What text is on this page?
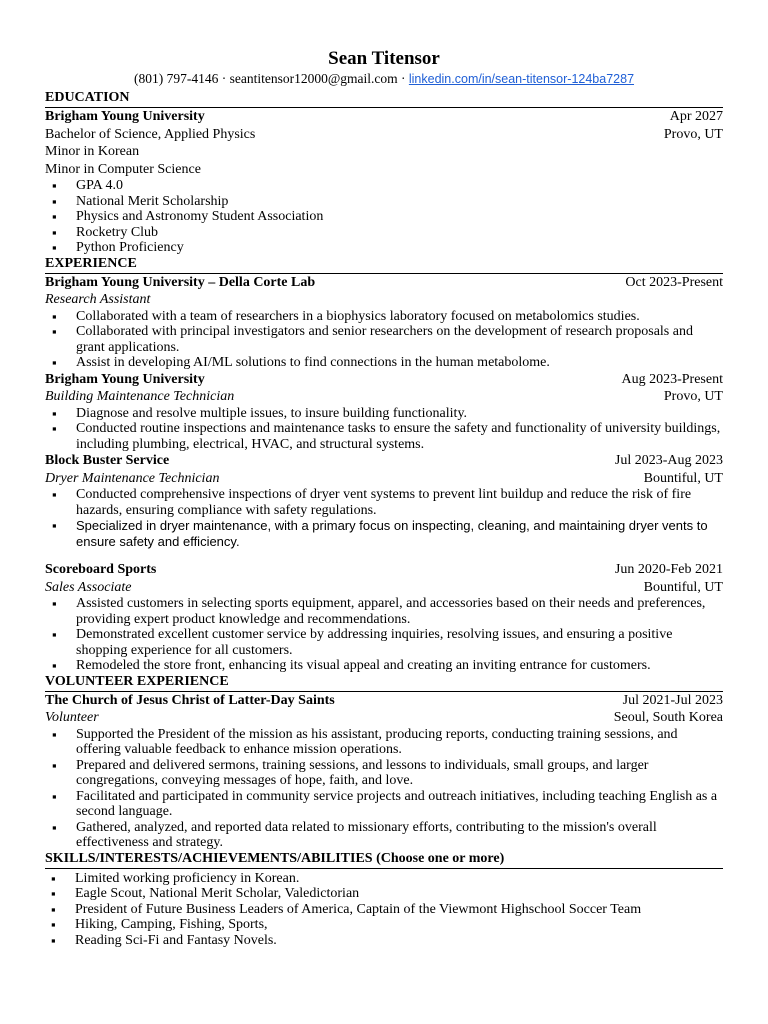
Sean Titensor
(801) 797-4146 · seantitensor12000@gmail.com · linkedin.com/in/sean-titensor-124ba7287
EDUCATION
Brigham Young University	Apr 2027
Bachelor of Science, Applied Physics	Provo, UT
Minor in Korean
Minor in Computer Science
▪ GPA 4.0
▪ National Merit Scholarship
▪ Physics and Astronomy Student Association
▪ Rocketry Club
▪ Python Proficiency
EXPERIENCE
Brigham Young University – Della Corte Lab	Oct 2023-Present
Research Assistant
▪ Collaborated with a team of researchers in a biophysics laboratory focused on metabolomics studies.
▪ Collaborated with principal investigators and senior researchers on the development of research proposals and grant applications.
▪ Assist in developing AI/ML solutions to find connections in the human metabolome.
Brigham Young University	Aug 2023-Present
Building Maintenance Technician	Provo, UT
▪ Diagnose and resolve multiple issues, to insure building functionality.
▪ Conducted routine inspections and maintenance tasks to ensure the safety and functionality of university buildings, including plumbing, electrical, HVAC, and structural systems.
Block Buster Service	Jul 2023-Aug 2023
Dryer Maintenance Technician	Bountiful, UT
▪ Conducted comprehensive inspections of dryer vent systems to prevent lint buildup and reduce the risk of fire hazards, ensuring compliance with safety regulations.
▪ Specialized in dryer maintenance, with a primary focus on inspecting, cleaning, and maintaining dryer vents to ensure safety and efficiency.
Scoreboard Sports	Jun 2020-Feb 2021
Sales Associate	Bountiful, UT
▪ Assisted customers in selecting sports equipment, apparel, and accessories based on their needs and preferences, providing expert product knowledge and recommendations.
▪ Demonstrated excellent customer service by addressing inquiries, resolving issues, and ensuring a positive shopping experience for all customers.
▪ Remodeled the store front, enhancing its visual appeal and creating an inviting entrance for customers.
VOLUNTEER EXPERIENCE
The Church of Jesus Christ of Latter-Day Saints	Jul 2021-Jul 2023
Volunteer	Seoul, South Korea
▪ Supported the President of the mission as his assistant, producing reports, conducting training sessions, and offering valuable feedback to enhance mission operations.
▪ Prepared and delivered sermons, training sessions, and lessons to individuals, small groups, and larger congregations, conveying messages of hope, faith, and love.
▪ Facilitated and participated in community service projects and outreach initiatives, including teaching English as a second language.
▪ Gathered, analyzed, and reported data related to missionary efforts, contributing to the mission's overall effectiveness and strategy.
SKILLS/INTERESTS/ACHIEVEMENTS/ABILITIES (Choose one or more)
▪ Limited working proficiency in Korean.
▪ Eagle Scout, National Merit Scholar, Valedictorian
▪ President of Future Business Leaders of America, Captain of the Viewmont Highschool Soccer Team
▪ Hiking, Camping, Fishing, Sports,
▪ Reading Sci-Fi and Fantasy Novels.
